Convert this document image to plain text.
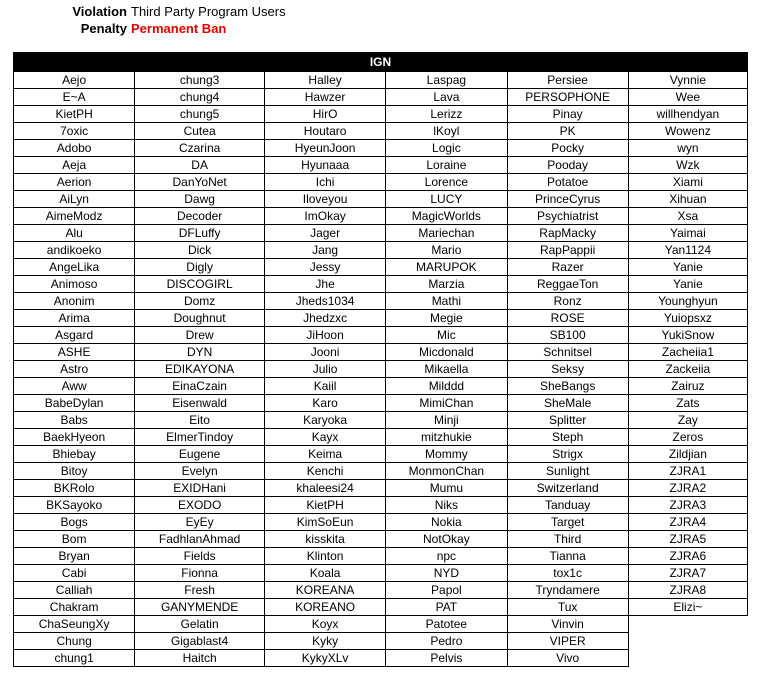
Violation Third Party Program Users
Penalty Permanent Ban
IGN					
Aejo	chung3	Halley	Laspag	Persiee	Vynnie
E~A	chung4	Hawzer	Lava	PERSOPHONE	Wee
KietPH	chung5	HirO	Lerizz	Pinay	willhendyan
7oxic	Cutea	Houtaro	lKoyl	PK	Wowenz
Adobo	Czarina	HyeunJoon	Logic	Pocky	wyn
Aeja	DA	Hyunaaa	Loraine	Pooday	Wzk
Aerion	DanYoNet	Ichi	Lorence	Potatoe	Xiami
AiLyn	Dawg	Iloveyou	LUCY	PrinceCyrus	Xihuan
AimeModz	Decoder	ImOkay	MagicWorlds	Psychiatrist	Xsa
Alu	DFLuffy	Jager	Mariechan	RapMacky	Yaimai
andikoeko	Dick	Jang	Mario	RapPappii	Yan1124
AngeLika	Digly	Jessy	MARUPOK	Razer	Yanie
Animoso	DISCOGIRL	Jhe	Marzia	ReggaeTon	Yanie
Anonim	Domz	Jheds1034	Mathi	Ronz	Younghyun
Arima	Doughnut	Jhedzxc	Megie	ROSE	Yuiopsxz
Asgard	Drew	JiHoon	Mic	SB100	YukiSnow
ASHE	DYN	Jooni	Micdonald	Schnitsel	Zacheiia1
Astro	EDIKAYONA	Julio	Mikaella	Seksy	Zackeiia
Aww	EinaCzain	Kaiil	Milddd	SheBangs	Zairuz
BabeDylan	Eisenwald	Karo	MimiChan	SheMale	Zats
Babs	Eito	Karyoka	Minji	Splitter	Zay
BaekHyeon	ElmerTindoy	Kayx	mitzhukie	Steph	Zeros
Bhiebay	Eugene	Keima	Mommy	Strigx	Zildjian
Bitoy	Evelyn	Kenchi	MonmonChan	Sunlight	ZJRA1
BKRolo	EXIDHani	khaleesi24	Mumu	Switzerland	ZJRA2
BKSayoko	EXODO	KietPH	Niks	Tanduay	ZJRA3
Bogs	EyEy	KimSoEun	Nokia	Target	ZJRA4
Bom	FadhlanAhmad	kisskita	NotOkay	Third	ZJRA5
Bryan	Fields	Klinton	npc	Tianna	ZJRA6
Cabi	Fionna	Koala	NYD	tox1c	ZJRA7
Calliah	Fresh	KOREANA	Papol	Tryndamere	ZJRA8
Chakram	GANYMENDE	KOREANO	PAT	Tux	Elizi~
ChaSeungXy	Gelatin	Koyx	Patotee	Vinvin	
Chung	Gigablast4	Kyky	Pedro	VIPER	
chung1	Haitch	KykyXLv	Pelvis	Vivo	
